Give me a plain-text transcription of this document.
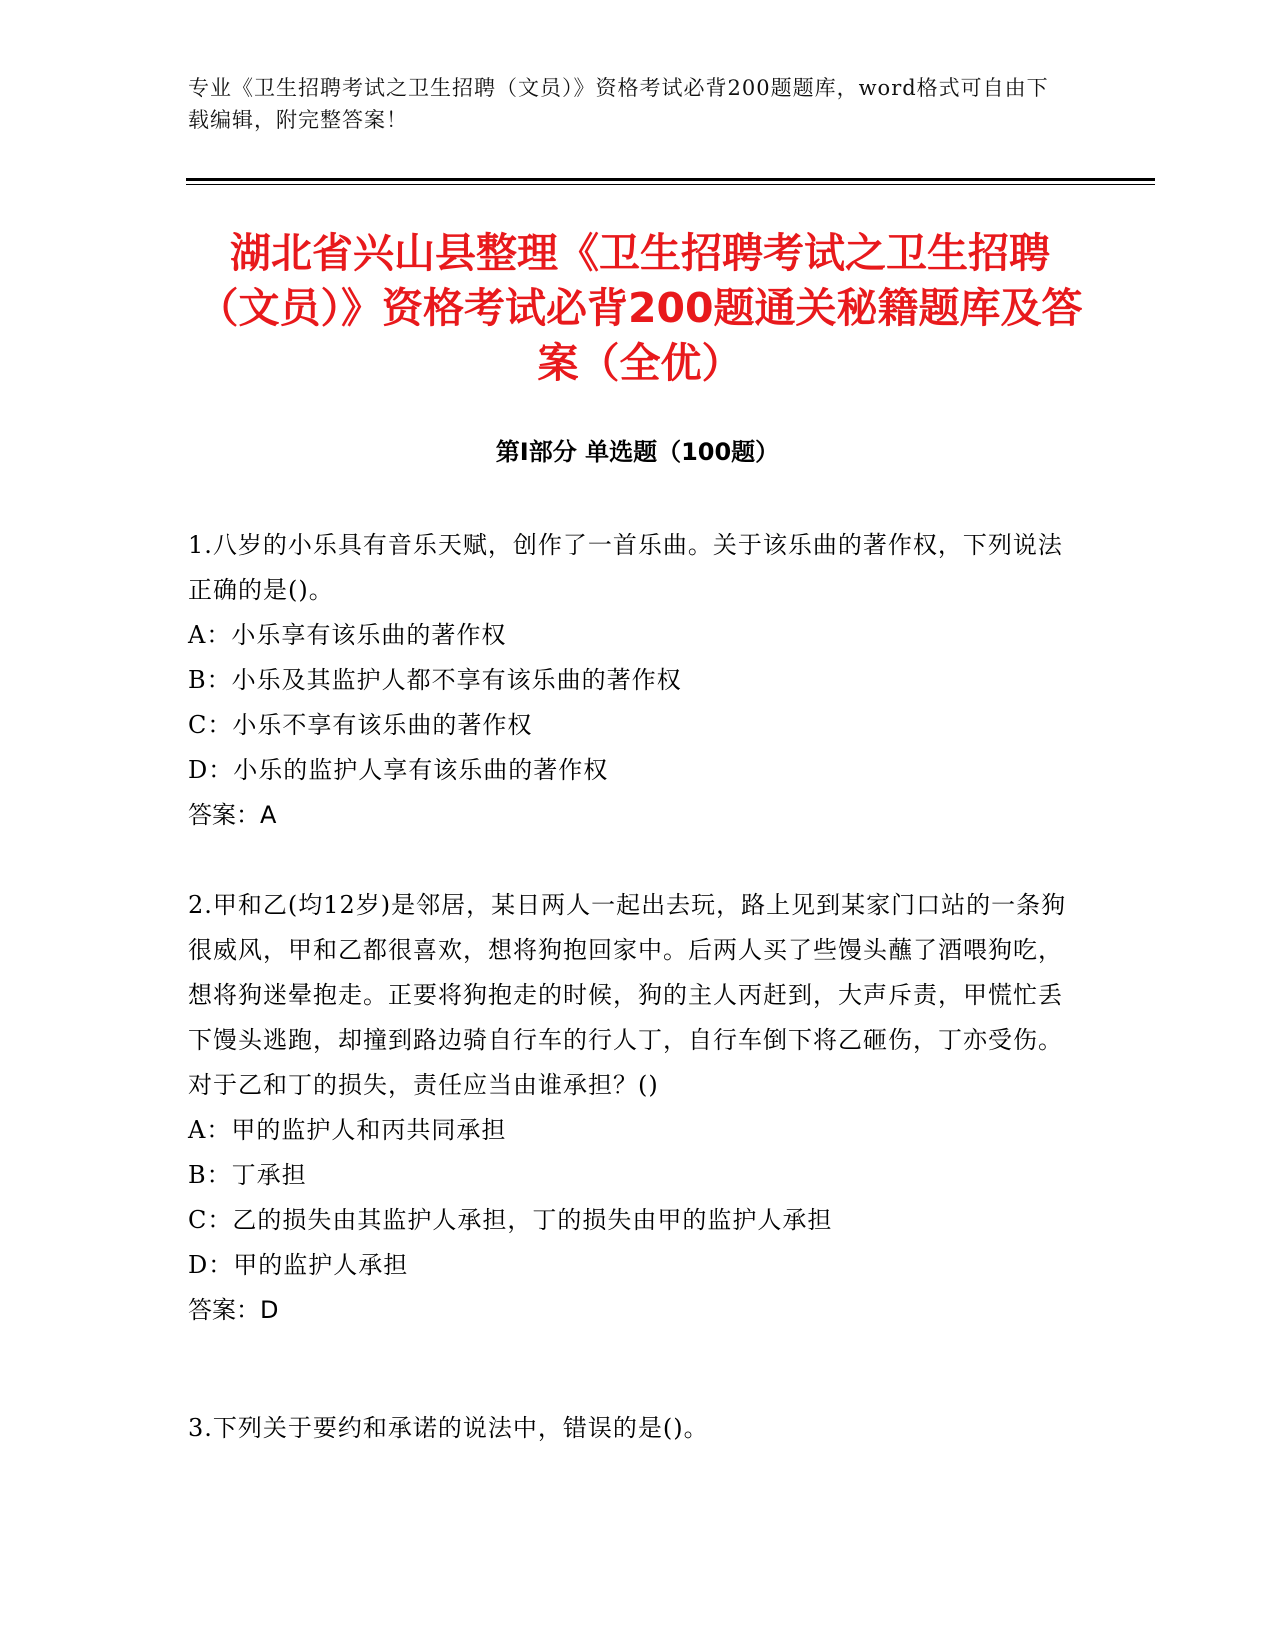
专业《卫生招聘考试之卫生招聘（文员）》资格考试必背200题题库，word格式可自由下载编辑，附完整答案！
湖北省兴山县整理《卫生招聘考试之卫生招聘（文员）》资格考试必背200题通关秘籍题库及答案（全优）
第I部分 单选题（100题）
1.八岁的小乐具有音乐天赋，创作了一首乐曲。关于该乐曲的著作权，下列说法正确的是()。
A：小乐享有该乐曲的著作权
B：小乐及其监护人都不享有该乐曲的著作权
C：小乐不享有该乐曲的著作权
D：小乐的监护人享有该乐曲的著作权
答案：A
2.甲和乙(均12岁)是邻居，某日两人一起出去玩，路上见到某家门口站的一条狗很威风，甲和乙都很喜欢，想将狗抱回家中。后两人买了些馒头蘸了酒喂狗吃，想将狗迷晕抱走。正要将狗抱走的时候，狗的主人丙赶到，大声斥责，甲慌忙丢下馒头逃跑，却撞到路边骑自行车的行人丁，自行车倒下将乙砸伤，丁亦受伤。对于乙和丁的损失，责任应当由谁承担？()
A：甲的监护人和丙共同承担
B：丁承担
C：乙的损失由其监护人承担，丁的损失由甲的监护人承担
D：甲的监护人承担
答案：D
3.下列关于要约和承诺的说法中，错误的是()。
